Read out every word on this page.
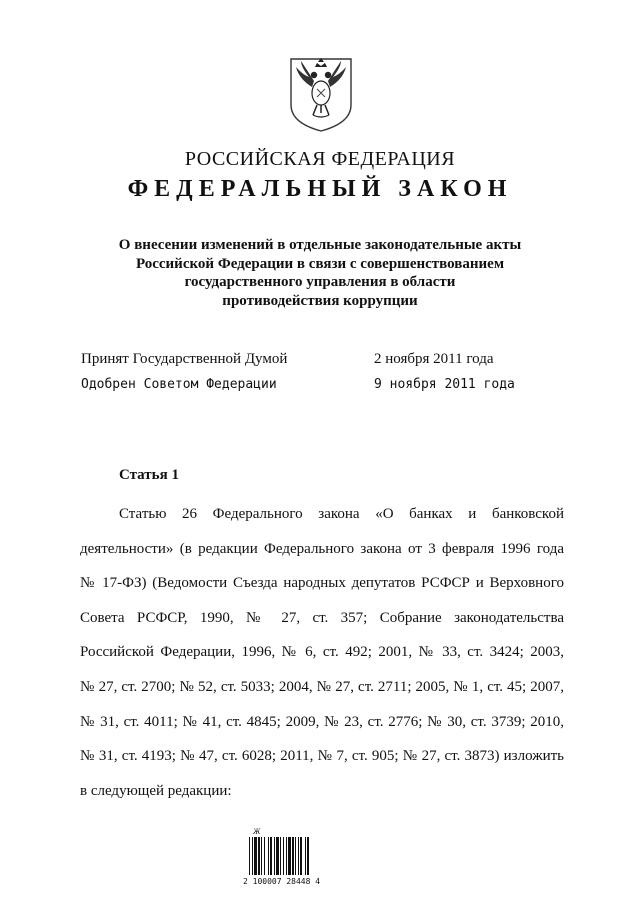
РОССИЙСКАЯ ФЕДЕРАЦИЯ
ФЕДЕРАЛЬНЫЙ ЗАКОН
О внесении изменений в отдельные законодательные акты
Российской Федерации в связи с совершенствованием
государственного управления в области
противодействия коррупции
Принят Государственной Думой	2 ноября 2011 года
Одобрен Советом Федерации	9 ноября 2011 года
Статья 1
Статью 26 Федерального закона «О банках и банковской
деятельности» (в редакции Федерального закона от 3 февраля 1996 года
№ 17-ФЗ) (Ведомости Съезда народных депутатов РСФСР и Верховного
Совета РСФСР, 1990, № 27, ст. 357; Собрание законодательства
Российской Федерации, 1996, № 6, ст. 492; 2001, № 33, ст. 3424; 2003,
№ 27, ст. 2700; № 52, ст. 5033; 2004, № 27, ст. 2711; 2005, № 1, ст. 45; 2007,
№ 31, ст. 4011; № 41, ст. 4845; 2009, № 23, ст. 2776; № 30, ст. 3739; 2010,
№ 31, ст. 4193; № 47, ст. 6028; 2011, № 7, ст. 905; № 27, ст. 3873) изложить
в следующей редакции:
Ж
2 100007 28448 4
